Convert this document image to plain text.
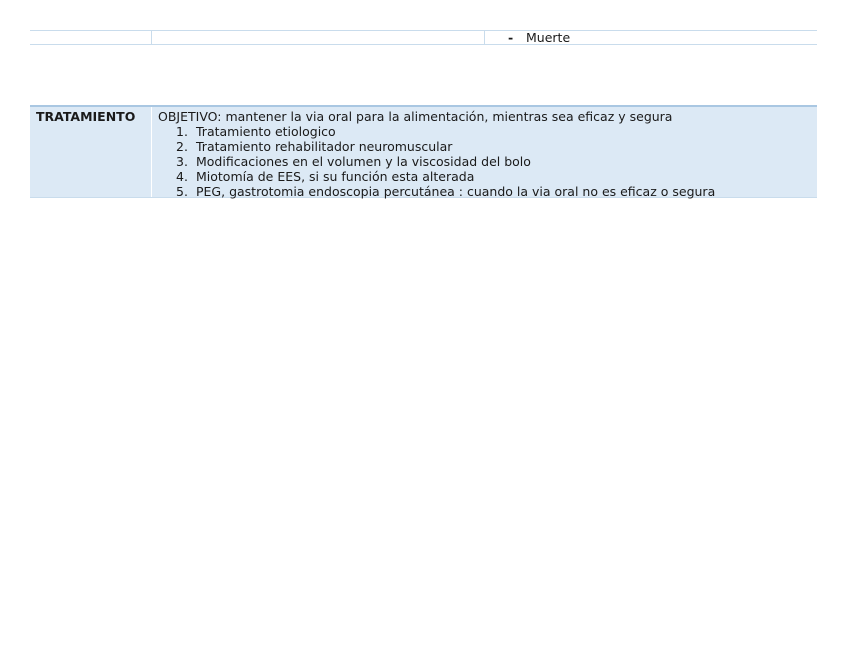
- Muerte
TRATAMIENTO OBJETIVO: mantener la via oral para la alimentación, mientras sea eficaz y segura
1. Tratamiento etiologico
2. Tratamiento rehabilitador neuromuscular
3. Modificaciones en el volumen y la viscosidad del bolo
4. Miotomía de EES, si su función esta alterada
5. PEG, gastrotomia endoscopia percutánea : cuando la via oral no es eficaz o segura
